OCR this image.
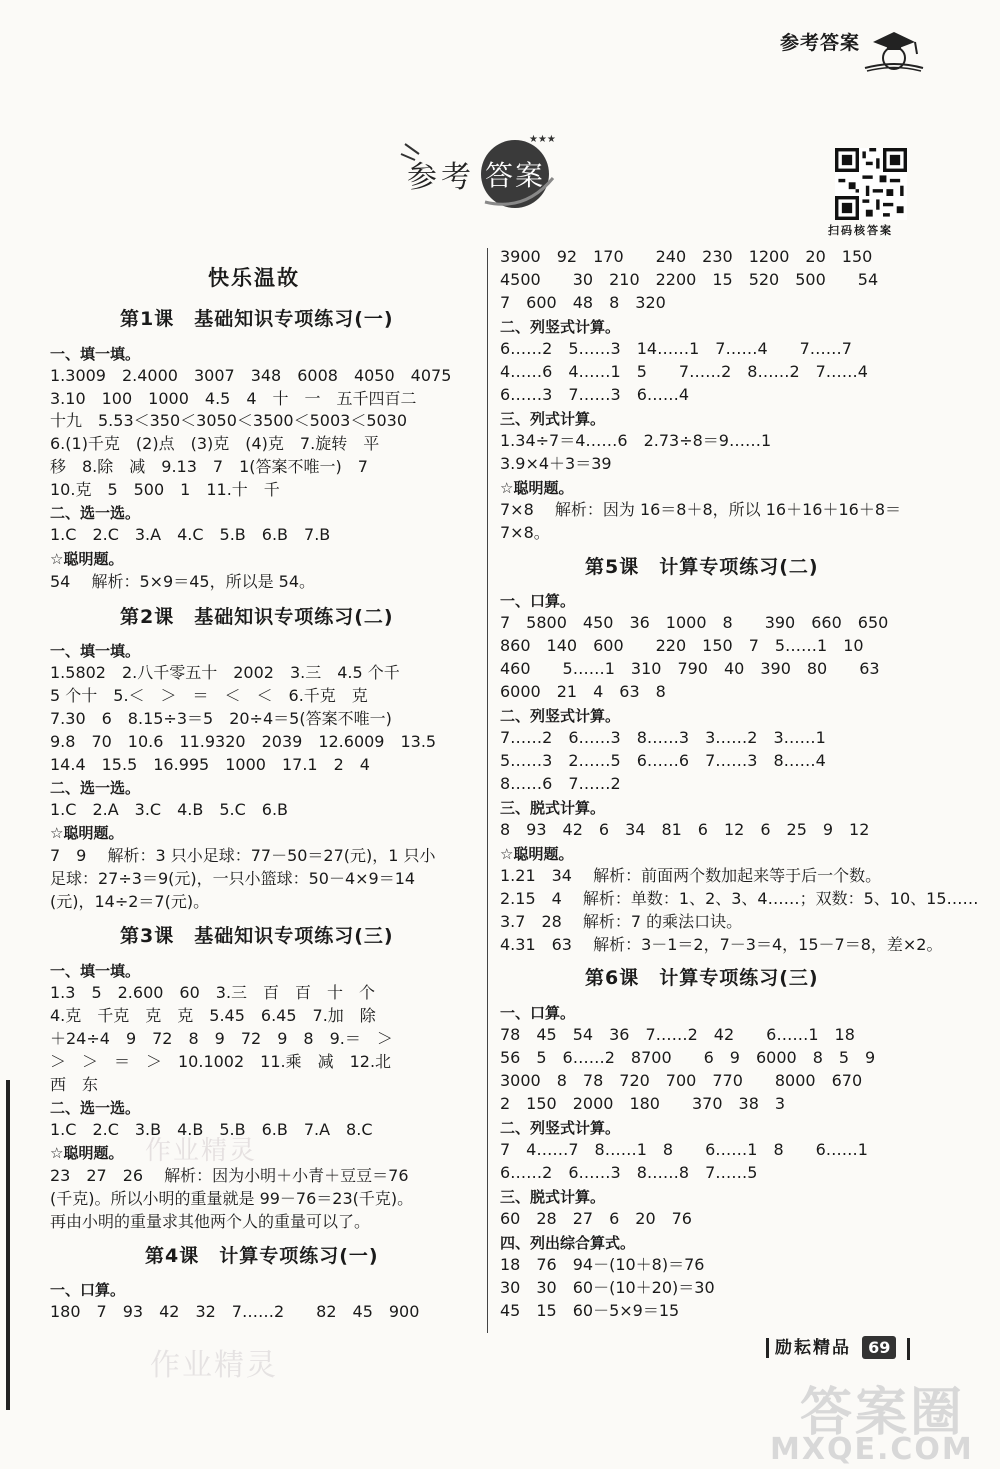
参考答案
★★★
参考 答案
扫码核答案
快乐温故
第1课　基础知识专项练习(一)
一、填一填。
1.3009　2.4000　3007　348　6008　4050　4075
3.10　100　1000　4.5　4　十　一　五千四百二
十九　5.53＜350＜3050＜3500＜5003＜5030
6.(1)千克　(2)点　(3)克　(4)克　7.旋转　平
移　8.除　减　9.13　7　1(答案不唯一)　7
10.克　5　500　1　11.十　千
二、选一选。
1.C　2.C　3.A　4.C　5.B　6.B　7.B
☆聪明题。
54　 解析：5×9＝45，所以是 54。
第2课　基础知识专项练习(二)
一、填一填。
1.5802　2.八千零五十　2002　3.三　4.5 个千
5 个十　5.＜　＞　＝　＜　＜　6.千克　克
7.30　6　8.15÷3＝5　20÷4＝5(答案不唯一)
9.8　70　10.6　11.9320　2039　12.6009　13.5
14.4　15.5　16.995　1000　17.1　2　4
二、选一选。
1.C　2.A　3.C　4.B　5.C　6.B
☆聪明题。
7　9　 解析：3 只小足球：77－50＝27(元)，1 只小
足球：27÷3＝9(元)，一只小篮球：50－4×9＝14
(元)，14÷2＝7(元)。
第3课　基础知识专项练习(三)
一、填一填。
1.3　5　2.600　60　3.三　百　百　十　个
4.克　千克　克　克　5.45　6.45　7.加　除
＋24÷4　9　72　8　9　72　9　8　9.＝　＞
＞　＞　＝　＞　10.1002　11.乘　减　12.北
西　东
二、选一选。
1.C　2.C　3.B　4.B　5.B　6.B　7.A　8.C
☆聪明题。
23　27　26　 解析：因为小明＋小青＋豆豆＝76
(千克)。所以小明的重量就是 99－76＝23(千克)。
再由小明的重量求其他两个人的重量可以了。
第4课　计算专项练习(一)
一、口算。
180　7　93　42　32　7……2　　82　45　900
3900　92　170　　240　230　1200　20　150
4500　　30　210　2200　15　520　500　　54
7　600　48　8　320
二、列竖式计算。
6……2　5……3　14……1　7……4　　7……7
4……6　4……1　5　　7……2　8……2　7……4
6……3　7……3　6……4
三、列式计算。
1.34÷7＝4……6　2.73÷8＝9……1
3.9×4＋3＝39
☆聪明题。
7×8　 解析：因为 16＝8＋8，所以 16＋16＋16＋8＝
7×8。
第5课　计算专项练习(二)
一、口算。
7　5800　450　36　1000　8　　390　660　650
860　140　600　　220　150　7　5……1　10
460　　5……1　310　790　40　390　80　　63
6000　21　4　63　8
二、列竖式计算。
7……2　6……3　8……3　3……2　3……1
5……3　2……5　6……6　7……3　8……4
8……6　7……2
三、脱式计算。
8　93　42　6　34　81　6　12　6　25　9　12
☆聪明题。
1.21　34　 解析：前面两个数加起来等于后一个数。
2.15　4　 解析：单数：1、2、3、4……；双数：5、10、15……
3.7　28　 解析：7 的乘法口诀。
4.31　63　 解析：3－1＝2，7－3＝4，15－7＝8，差×2。
第6课　计算专项练习(三)
一、口算。
78　45　54　36　7……2　42　　6……1　18
56　5　6……2　8700　　6　9　6000　8　5　9
3000　8　78　720　700　770　　8000　670
2　150　2000　180　　370　38　3
二、列竖式计算。
7　4……7　8……1　8　　6……1　8　　6……1
6……2　6……3　8……8　7……5
三、脱式计算。
60　28　27　6　20　76
四、列出综合算式。
18　76　94－(10＋8)＝76
30　30　60－(10＋20)＝30
45　15　60－5×9＝15
作业精灵
作业精灵
答案圈
MXQE.COM
励耘精品 69
